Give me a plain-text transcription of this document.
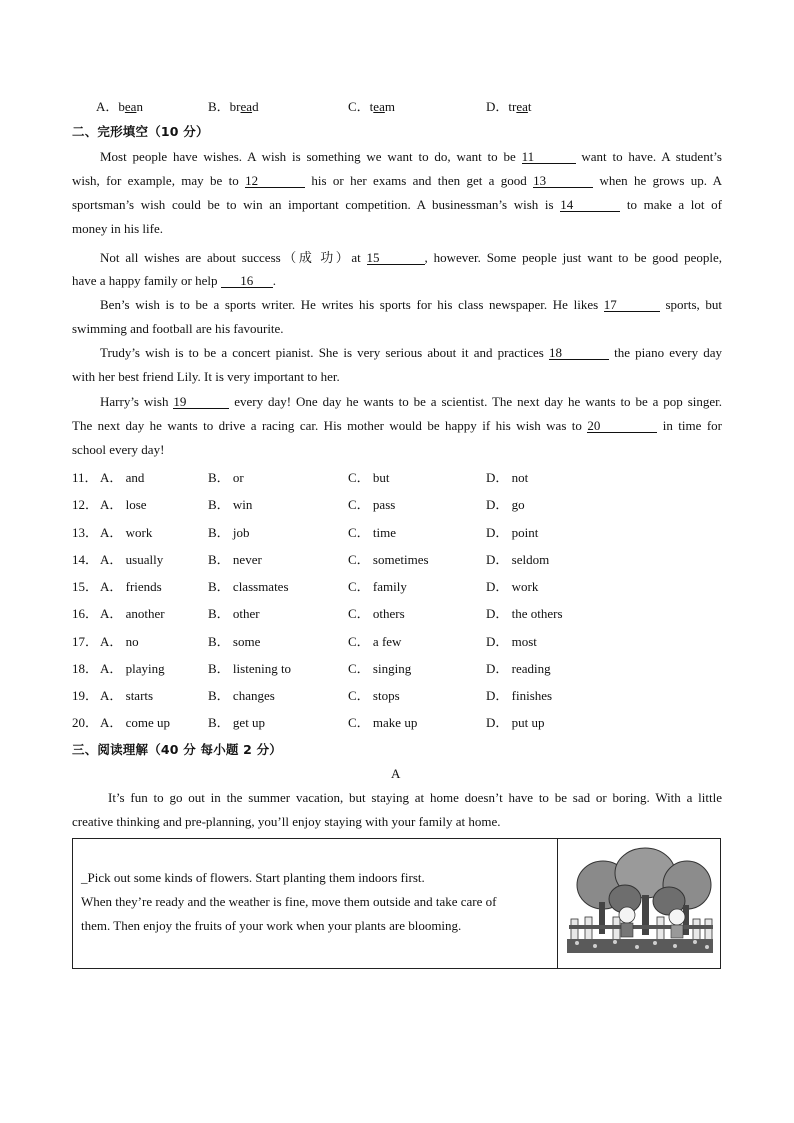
A．bean	B．bread	C．team	D．treat
二、完形填空（10 分）
Most people have wishes. A wish is something we want to do, want to be 11	want to have. A student’s
wish, for example, may be to 12	his or her exams and then get a good 13	when he grows up. A
sportsman’s wish could be to win an important competition. A businessman’s wish is 14	to make a lot of
money in his life.
Not all wishes are about success（成 功）at 15	, however. Some people just want to be good people,
have a happy family or help 16 .
Ben’s wish is to be a sports writer. He writes his sports for his class newspaper. He likes 17	sports, but
swimming and football are his favourite.
Trudy’s wish is to be a concert pianist. She is very serious about it and practices 18	the piano every day
with her best friend Lily. It is very important to her.
Harry’s wish 19	every day! One day he wants to be a scientist. The next day he wants to be a pop singer.
The next day he wants to drive a racing car. His mother would be happy if his wish was to 20	in time for
school every day!
11． A． and	B． or	C． but	D． not
12． A． lose	B． win	C． pass	D． go
13． A． work	B． job	C． time	D． point
14． A． usually	B． never	C． sometimes	D． seldom
15． A． friends	B． classmates	C． family	D． work
16． A． another	B． other	C． others	D． the others
17． A． no	B． some	C． a few	D． most
18． A． playing	B． listening to	C． singing	D． reading
19． A． starts	B． changes	C． stops	D． finishes
20． A． come up	B． get up	C． make up	D． put up
三、阅读理解（40 分 每小题 2 分）
A
It’s fun to go out in the summer vacation, but staying at home doesn’t have to be sad or boring. With a little
creative thinking and pre-planning, you’ll enjoy staying with your family at home.
_Pick out some kinds of flowers. Start planting them indoors first.
When they’re ready and the weather is fine, move them outside and take care of
them. Then enjoy the fruits of your work when your plants are blooming.
